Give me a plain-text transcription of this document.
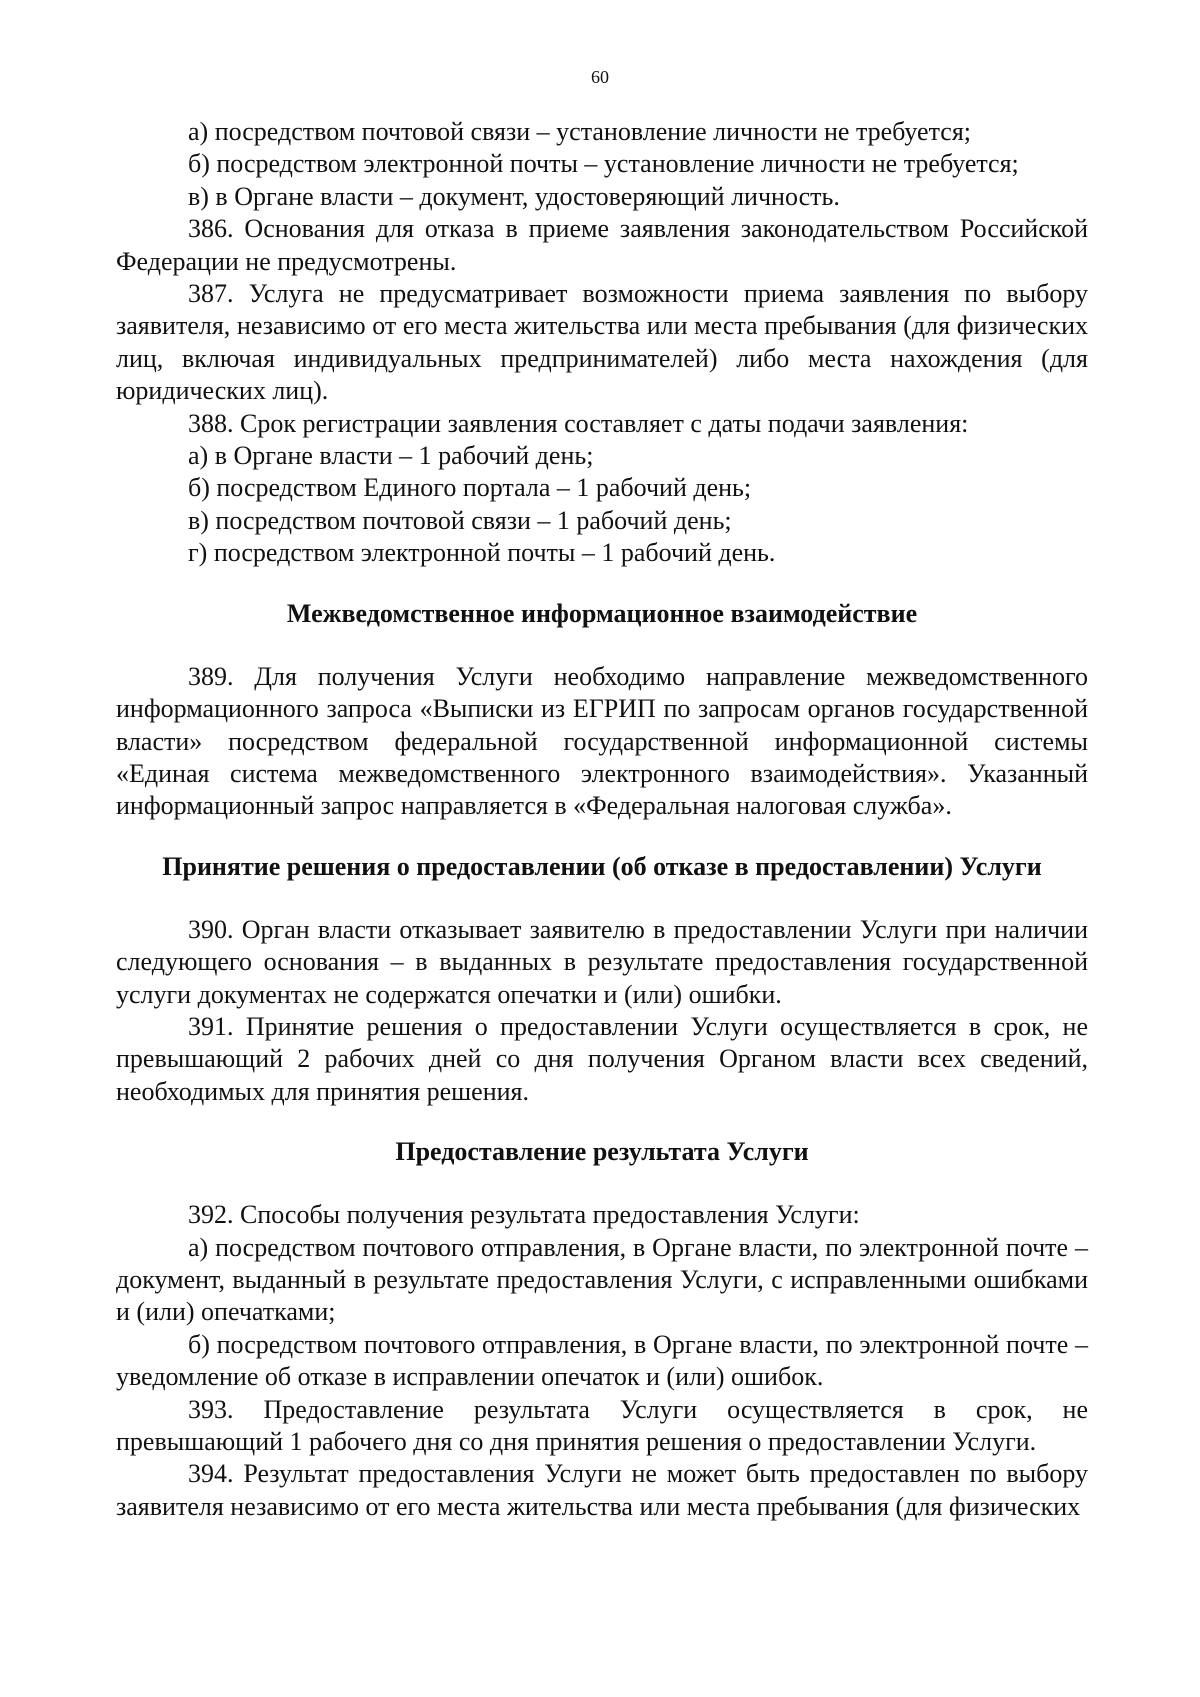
60

а) посредством почтовой связи – установление личности не требуется;

б) посредством электронной почты – установление личности не требуется;

в) в Органе власти – документ, удостоверяющий личность.

386. Основания для отказа в приеме заявления законодательством Российской Федерации не предусмотрены.

387. Услуга не предусматривает возможности приема заявления по выбору заявителя, независимо от его места жительства или места пребывания (для физических лиц, включая индивидуальных предпринимателей) либо места нахождения (для юридических лиц).

388. Срок регистрации заявления составляет с даты подачи заявления:

а) в Органе власти – 1 рабочий день;

б) посредством Единого портала – 1 рабочий день;

в) посредством почтовой связи – 1 рабочий день;

г) посредством электронной почты – 1 рабочий день.

Межведомственное информационное взаимодействие

389. Для получения Услуги необходимо направление межведомственного информационного запроса «Выписки из ЕГРИП по запросам органов государственной власти» посредством федеральной государственной информационной системы «Единая система межведомственного электронного взаимодействия». Указанный информационный запрос направляется в «Федеральная налоговая служба».

Принятие решения о предоставлении (об отказе в предоставлении) Услуги

390. Орган власти отказывает заявителю в предоставлении Услуги при наличии следующего основания – в выданных в результате предоставления государственной услуги документах не содержатся опечатки и (или) ошибки.

391. Принятие решения о предоставлении Услуги осуществляется в срок, не превышающий 2 рабочих дней со дня получения Органом власти всех сведений, необходимых для принятия решения.

Предоставление результата Услуги

392. Способы получения результата предоставления Услуги:

а) посредством почтового отправления, в Органе власти, по электронной почте – документ, выданный в результате предоставления Услуги, с исправленными ошибками и (или) опечатками;

б) посредством почтового отправления, в Органе власти, по электронной почте – уведомление об отказе в исправлении опечаток и (или) ошибок.

393. Предоставление результата Услуги осуществляется в срок, не превышающий 1 рабочего дня со дня принятия решения о предоставлении Услуги.

394. Результат предоставления Услуги не может быть предоставлен по выбору заявителя независимо от его места жительства или места пребывания (для физических
